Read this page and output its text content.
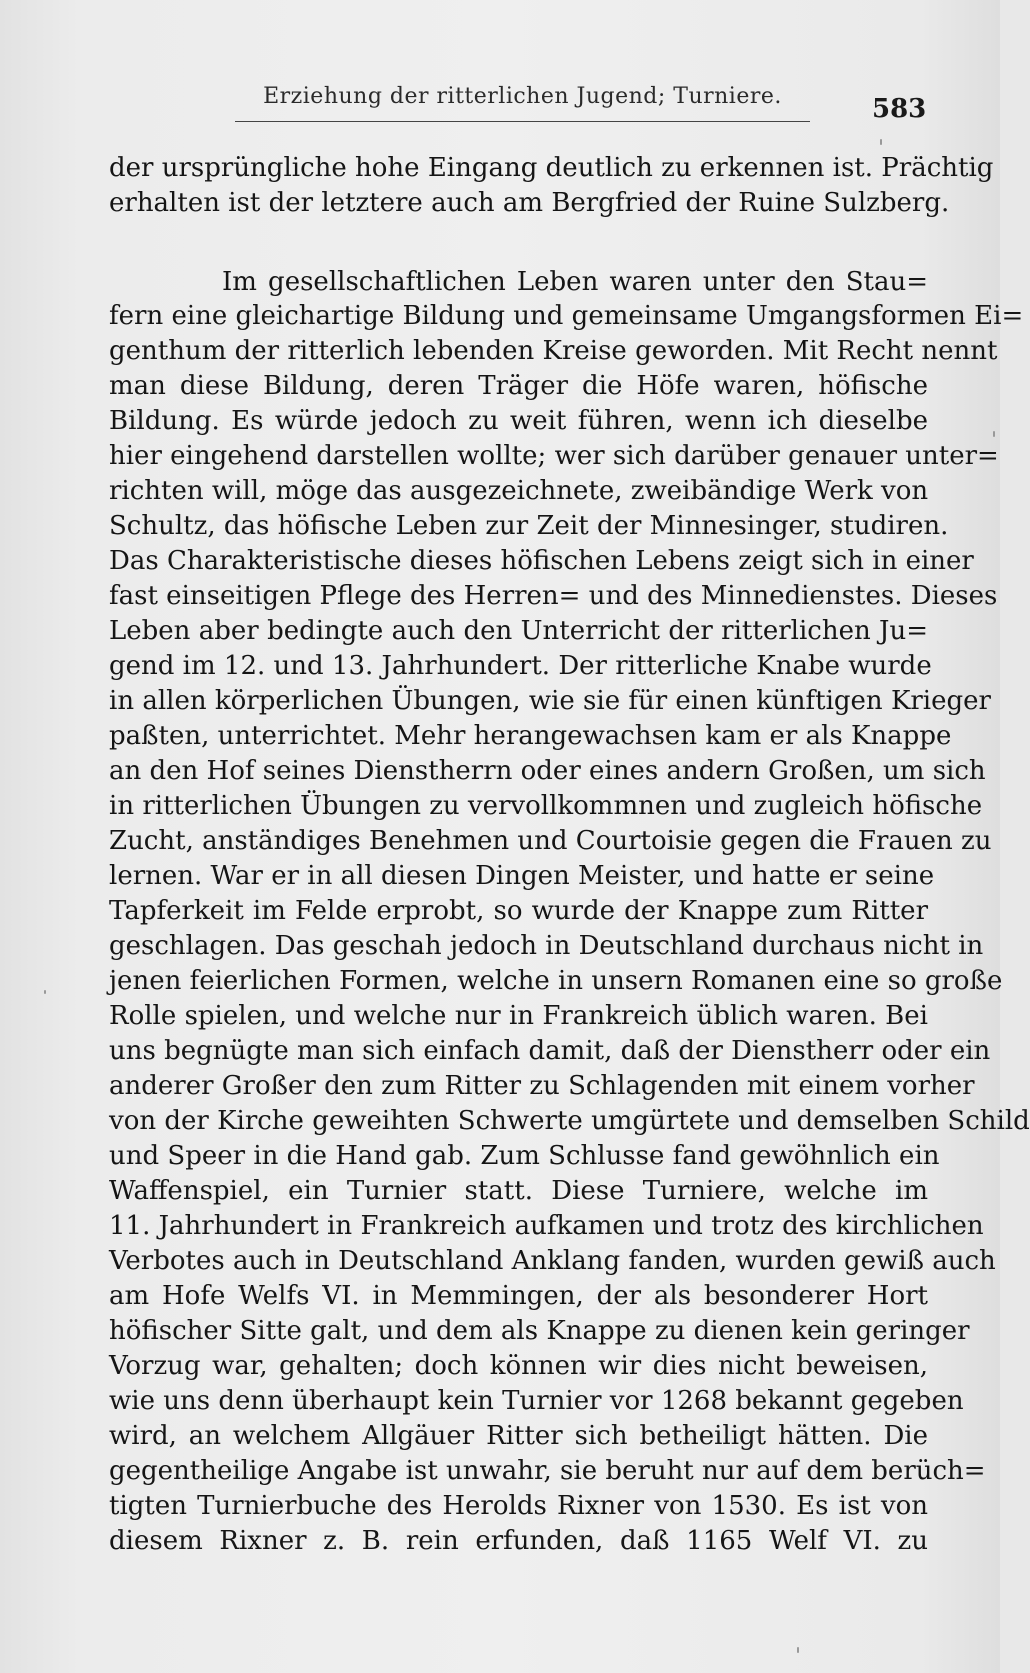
Erziehung der ritterlichen Jugend; Turniere.	583
der ursprüngliche hohe Eingang deutlich zu erkennen ist. Prächtig
erhalten ist der letztere auch am Bergfried der Ruine Sulzberg.
Im gesellschaftlichen Leben waren unter den Stau=
fern eine gleichartige Bildung und gemeinsame Umgangsformen Ei=
genthum der ritterlich lebenden Kreise geworden. Mit Recht nennt
man diese Bildung, deren Träger die Höfe waren, höfische
Bildung. Es würde jedoch zu weit führen, wenn ich dieselbe
hier eingehend darstellen wollte; wer sich darüber genauer unter=
richten will, möge das ausgezeichnete, zweibändige Werk von
Schultz, das höfische Leben zur Zeit der Minnesinger, studiren.
Das Charakteristische dieses höfischen Lebens zeigt sich in einer
fast einseitigen Pflege des Herren= und des Minnedienstes. Dieses
Leben aber bedingte auch den Unterricht der ritterlichen Ju=
gend im 12. und 13. Jahrhundert. Der ritterliche Knabe wurde
in allen körperlichen Übungen, wie sie für einen künftigen Krieger
paßten, unterrichtet. Mehr herangewachsen kam er als Knappe
an den Hof seines Dienstherrn oder eines andern Großen, um sich
in ritterlichen Übungen zu vervollkommnen und zugleich höfische
Zucht, anständiges Benehmen und Courtoisie gegen die Frauen zu
lernen. War er in all diesen Dingen Meister, und hatte er seine
Tapferkeit im Felde erprobt, so wurde der Knappe zum Ritter
geschlagen. Das geschah jedoch in Deutschland durchaus nicht in
jenen feierlichen Formen, welche in unsern Romanen eine so große
Rolle spielen, und welche nur in Frankreich üblich waren. Bei
uns begnügte man sich einfach damit, daß der Dienstherr oder ein
anderer Großer den zum Ritter zu Schlagenden mit einem vorher
von der Kirche geweihten Schwerte umgürtete und demselben Schild
und Speer in die Hand gab. Zum Schlusse fand gewöhnlich ein
Waffenspiel, ein Turnier statt. Diese Turniere, welche im
11. Jahrhundert in Frankreich aufkamen und trotz des kirchlichen
Verbotes auch in Deutschland Anklang fanden, wurden gewiß auch
am Hofe Welfs VI. in Memmingen, der als besonderer Hort
höfischer Sitte galt, und dem als Knappe zu dienen kein geringer
Vorzug war, gehalten; doch können wir dies nicht beweisen,
wie uns denn überhaupt kein Turnier vor 1268 bekannt gegeben
wird, an welchem Allgäuer Ritter sich betheiligt hätten. Die
gegentheilige Angabe ist unwahr, sie beruht nur auf dem berüch=
tigten Turnierbuche des Herolds Rixner von 1530. Es ist von
diesem Rixner z. B. rein erfunden, daß 1165 Welf VI. zu
